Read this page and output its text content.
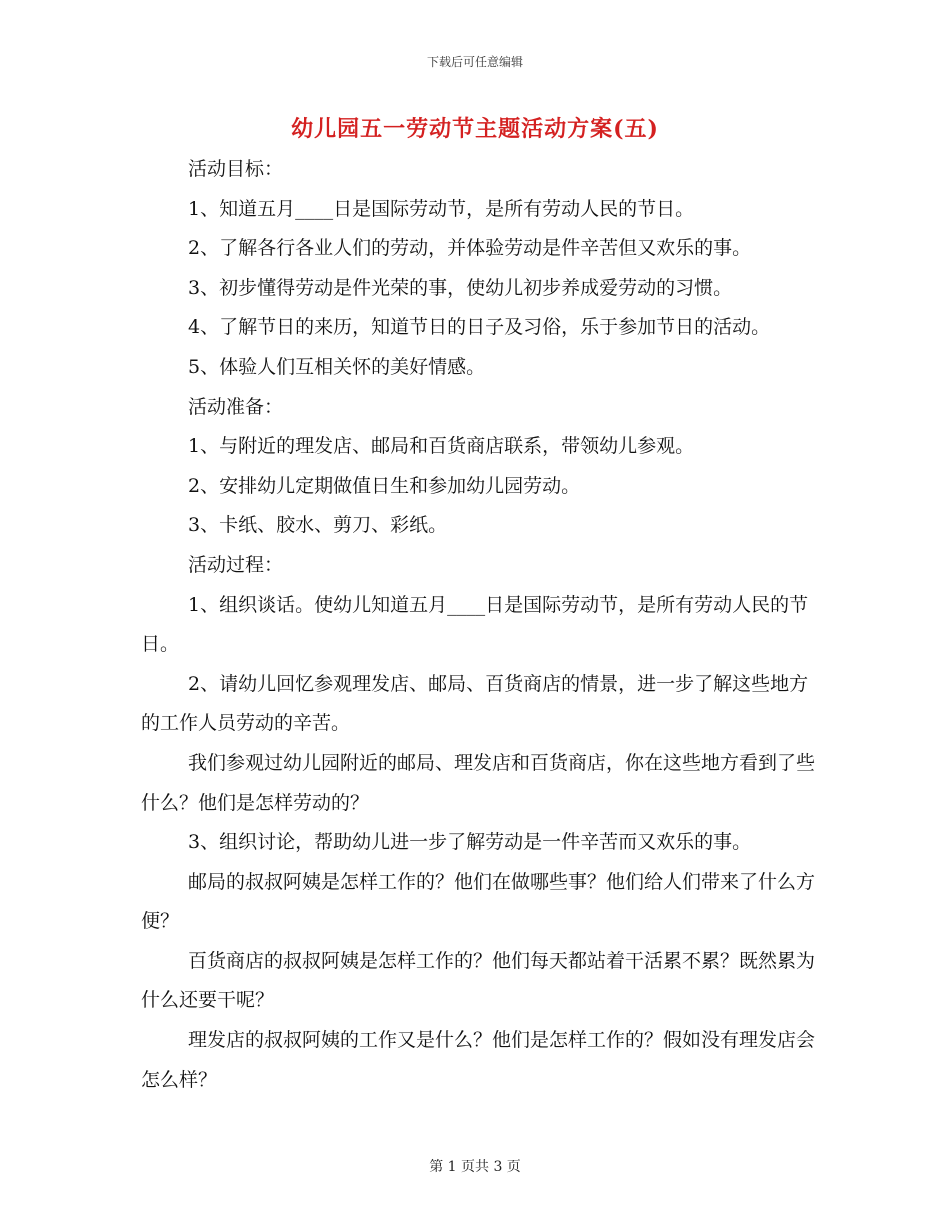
下载后可任意编辑
幼儿园五一劳动节主题活动方案(五)

活动目标：

1、知道五月____日是国际劳动节，是所有劳动人民的节日。

2、了解各行各业人们的劳动，并体验劳动是件辛苦但又欢乐的事。

3、初步懂得劳动是件光荣的事，使幼儿初步养成爱劳动的习惯。

4、了解节日的来历，知道节日的日子及习俗，乐于参加节日的活动。

5、体验人们互相关怀的美好情感。

活动准备：

1、与附近的理发店、邮局和百货商店联系，带领幼儿参观。

2、安排幼儿定期做值日生和参加幼儿园劳动。

3、卡纸、胶水、剪刀、彩纸。

活动过程：

1、组织谈话。使幼儿知道五月____日是国际劳动节，是所有劳动人民的节日。

2、请幼儿回忆参观理发店、邮局、百货商店的情景，进一步了解这些地方的工作人员劳动的辛苦。

我们参观过幼儿园附近的邮局、理发店和百货商店，你在这些地方看到了些什么？他们是怎样劳动的？

3、组织讨论，帮助幼儿进一步了解劳动是一件辛苦而又欢乐的事。

邮局的叔叔阿姨是怎样工作的？他们在做哪些事？他们给人们带来了什么方便？

百货商店的叔叔阿姨是怎样工作的？他们每天都站着干活累不累？既然累为什么还要干呢？

理发店的叔叔阿姨的工作又是什么？他们是怎样工作的？假如没有理发店会怎么样？

第 1 页共 3 页
